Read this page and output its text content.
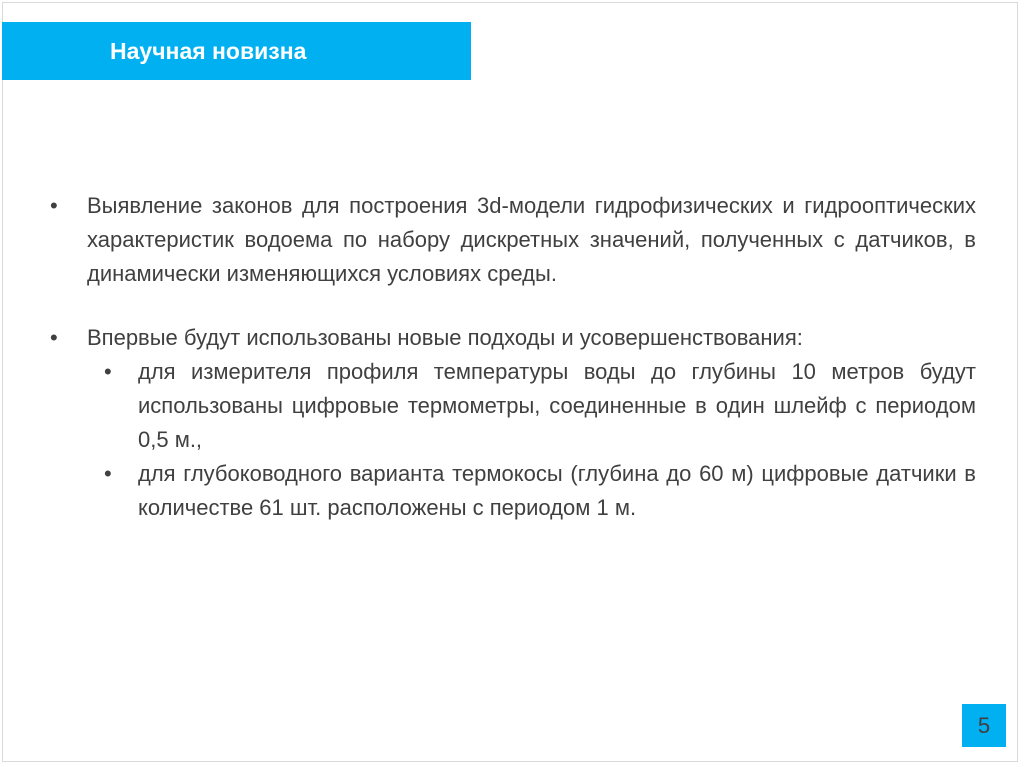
Научная новизна
•	Выявление законов для построения 3d-модели гидрофизических и гидрооптических характеристик водоема по набору дискретных значений, полученных с датчиков, в динамически изменяющихся условиях среды.
•	Впервые будут использованы новые подходы и усовершенствования:
•	для измерителя профиля температуры воды до глубины 10 метров будут использованы цифровые термометры, соединенные в один шлейф с периодом 0,5 м.,
•	для глубоководного варианта термокосы (глубина до 60 м) цифровые датчики в количестве 61 шт. расположены с периодом 1 м.
5
